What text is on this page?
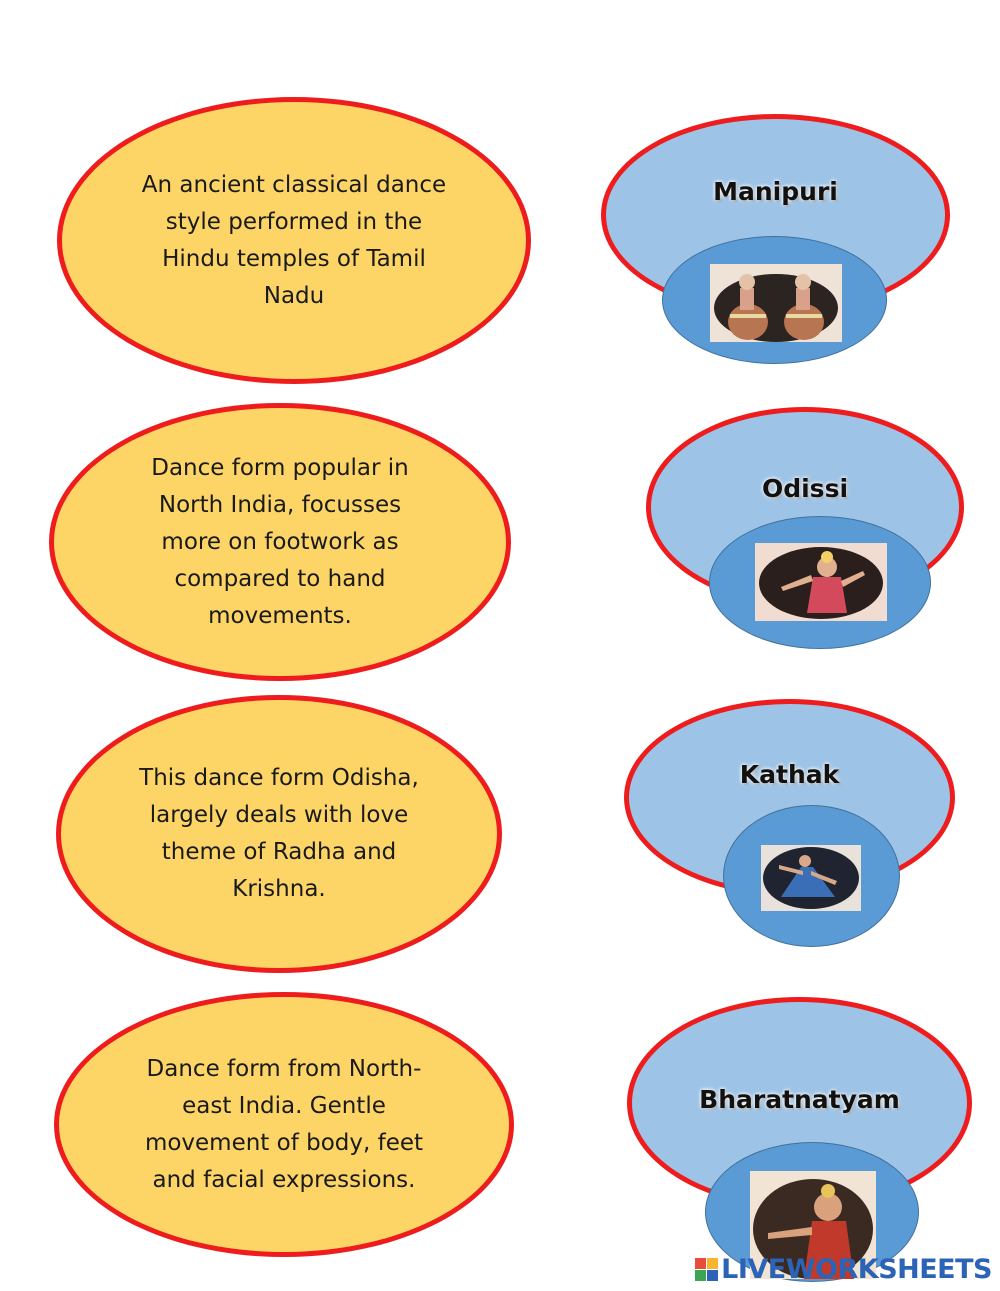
An ancient classical dance style performed in the Hindu temples of Tamil Nadu
Dance form popular in North India, focusses more on footwork as compared to hand movements.
This dance form Odisha, largely deals with love theme of Radha and Krishna.
Dance form from North-east India. Gentle movement of body, feet and facial expressions.
Manipuri
Odissi
Kathak
Bharatnatyam
LIVEWORKSHEETS
